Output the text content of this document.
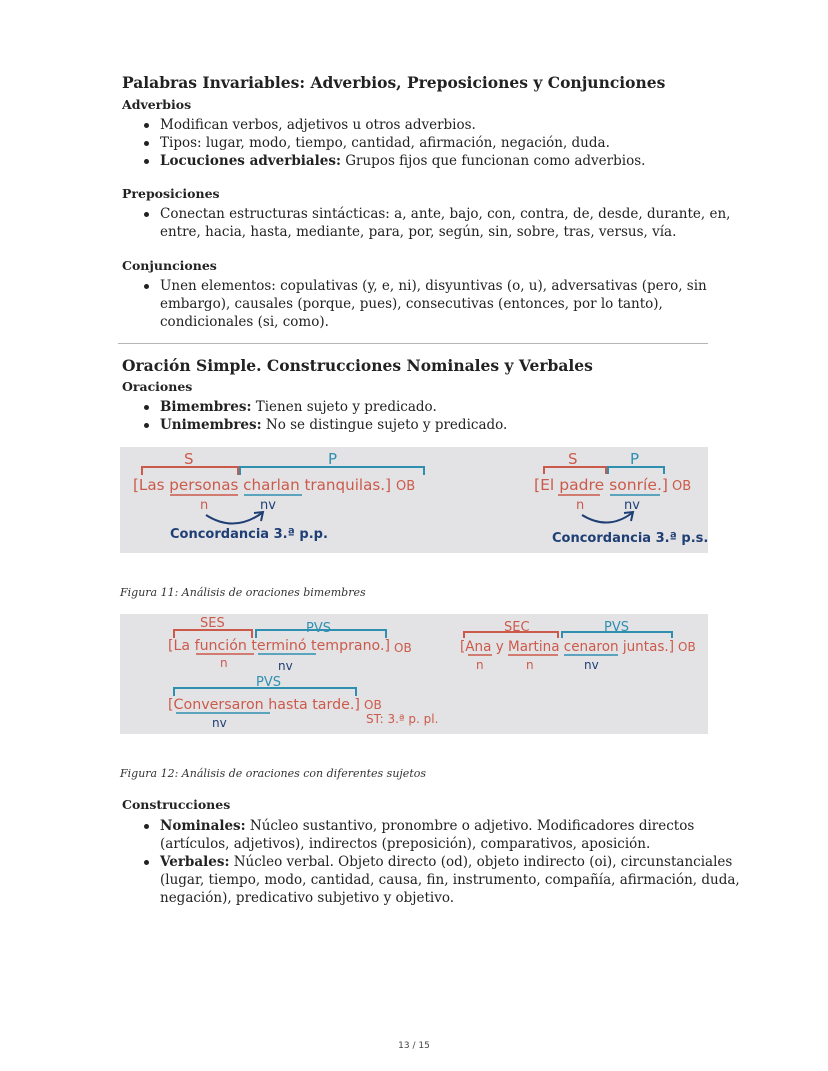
Palabras Invariables: Adverbios, Preposiciones y Conjunciones
Adverbios
Modifican verbos, adjetivos u otros adverbios.
Tipos: lugar, modo, tiempo, cantidad, afirmación, negación, duda.
Locuciones adverbiales: Grupos fijos que funcionan como adverbios.
Preposiciones
Conectan estructuras sintácticas: a, ante, bajo, con, contra, de, desde, durante, en, entre, hacia, hasta, mediante, para, por, según, sin, sobre, tras, versus, vía.
Conjunciones
Unen elementos: copulativas (y, e, ni), disyuntivas (o, u), adversativas (pero, sin embargo), causales (porque, pues), consecutivas (entonces, por lo tanto), condicionales (si, como).
Oración Simple. Construcciones Nominales y Verbales
Oraciones
Bimembres: Tienen sujeto y predicado.
Unimembres: No se distingue sujeto y predicado.
S	P
[Las personas charlan tranquilas.] OB
n	nv
Concordancia 3.ª p.p.
S	P
[El padre sonríe.] OB
n	nv
Concordancia 3.ª p.s.
Figura 11: Análisis de oraciones bimembres
SES	PVS
[La función terminó temprano.] OB
n	nv
SEC	PVS
[Ana y Martina cenaron juntas.] OB
n	n	nv
PVS
[Conversaron hasta tarde.] OB
nv	ST: 3.ª p. pl.
Figura 12: Análisis de oraciones con diferentes sujetos
Construcciones
Nominales: Núcleo sustantivo, pronombre o adjetivo. Modificadores directos (artículos, adjetivos), indirectos (preposición), comparativos, aposición.
Verbales: Núcleo verbal. Objeto directo (od), objeto indirecto (oi), circunstanciales (lugar, tiempo, modo, cantidad, causa, fin, instrumento, compañía, afirmación, duda, negación), predicativo subjetivo y objetivo.
13 / 15
